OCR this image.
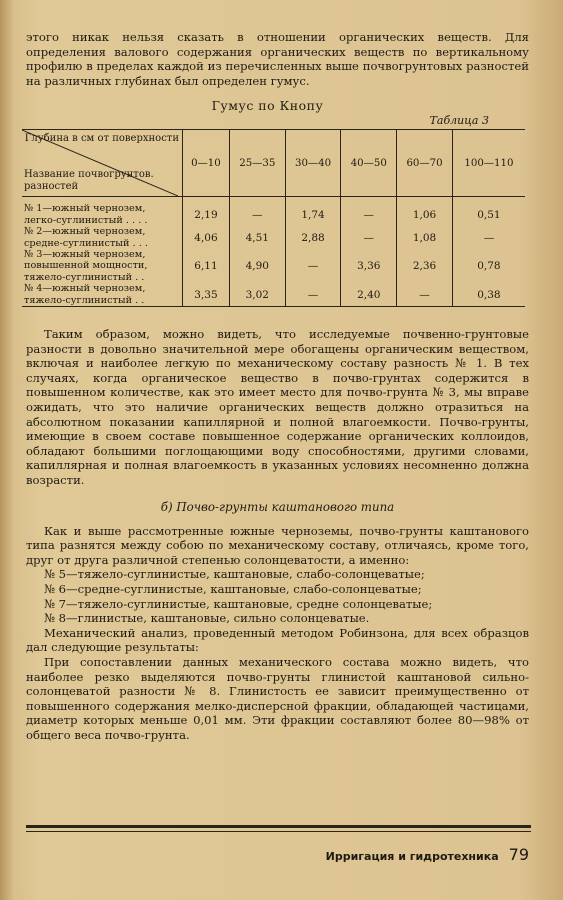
этого никак нельзя сказать в отношении органических веществ. Для определения валового содержания органических веществ по вертикальному профилю в пределах каждой из перечисленных выше почвогрунтовых разностей на различных глубинах был определен гумус.

Гумус по Кнопу

Таблица 3

Глубина в см от поверхности
Название почвогрунтов. разностей	0—10	25—35	30—40	40—50	60—70	100—110
№ 1—южный чернозем, легко-суглинистый . . . .	2,19	—	1,74	—	1,06	0,51
№ 2—южный чернозем, средне-суглинистый . . .	4,06	4,51	2,88	—	1,08	—
№ 3—южный чернозем, повышенной мощности, тяжело-суглинистый . .	6,11	4,90	—	3,36	2,36	0,78
№ 4—южный чернозем, тяжело-суглинистый . .	3,35	3,02	—	2,40	—	0,38

Таким образом, можно видеть, что исследуемые почвенно-грунтовые разности в довольно значительной мере обогащены органическим веществом, включая и наиболее легкую по механическому составу разность № 1. В тех случаях, когда органическое вещество в почво-грунтах содержится в повышенном количестве, как это имеет место для почво-грунта № 3, мы вправе ожидать, что это наличие органических веществ должно отразиться на абсолютном показании капиллярной и полной влагоемкости. Почво-грунты, имеющие в своем составе повышенное содержание органических коллоидов, обладают большими поглощающими воду способностями, другими словами, капиллярная и полная влагоемкость в указанных условиях несомненно должна возрасти.

б) Почво-грунты каштанового типа

Как и выше рассмотренные южные черноземы, почво-грунты каштанового типа разнятся между собою по механическому составу, отличаясь, кроме того, друг от друга различной степенью солонцеватости, а именно:

№ 5—тяжело-суглинистые, каштановые, слабо-солонцеватые;

№ 6—средне-суглинистые, каштановые, слабо-солонцеватые;

№ 7—тяжело-суглинистые, каштановые, средне солонцеватые;

№ 8—глинистые, каштановые, сильно солонцеватые.

Механический анализ, проведенный методом Робинзона, для всех образцов дал следующие результаты:

При сопоставлении данных механического состава можно видеть, что наиболее резко выделяются почво-грунты глинистой каштановой сильно-солонцеватой разности № 8. Глинистость ее зависит преимущественно от повышенного содержания мелко-дисперсной фракции, обладающей частицами, диаметр которых меньше 0,01 мм. Эти фракции составляют более 80—98% от общего веса почво-грунта.

Ирригация и гидротехника 79
